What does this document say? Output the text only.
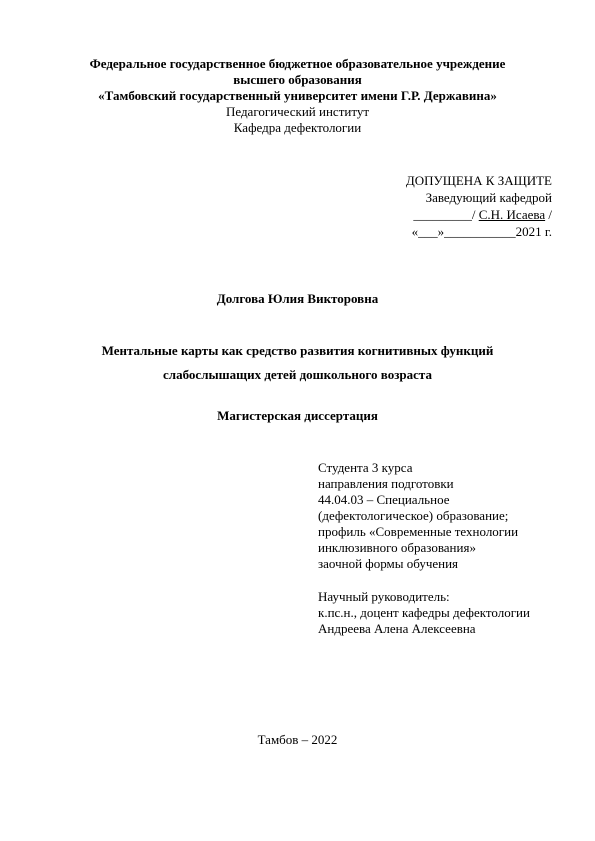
Федеральное государственное бюджетное образовательное учреждение
высшего образования
«Тамбовский государственный университет имени Г.Р. Державина»
Педагогический институт
Кафедра дефектологии
ДОПУЩЕНА К ЗАЩИТЕ
Заведующий кафедрой
_________/ С.Н. Исаева /
«___»___________2021 г.
Долгова Юлия Викторовна
Ментальные карты как средство развития когнитивных функций
слабослышащих детей дошкольного возраста
Магистерская диссертация
Студента 3 курса
направления подготовки
44.04.03 – Специальное
(дефектологическое) образование;
профиль «Современные технологии
инклюзивного образования»
заочной формы обучения
Научный руководитель:
к.пс.н., доцент кафедры дефектологии
Андреева Алена Алексеевна
Тамбов – 2022
